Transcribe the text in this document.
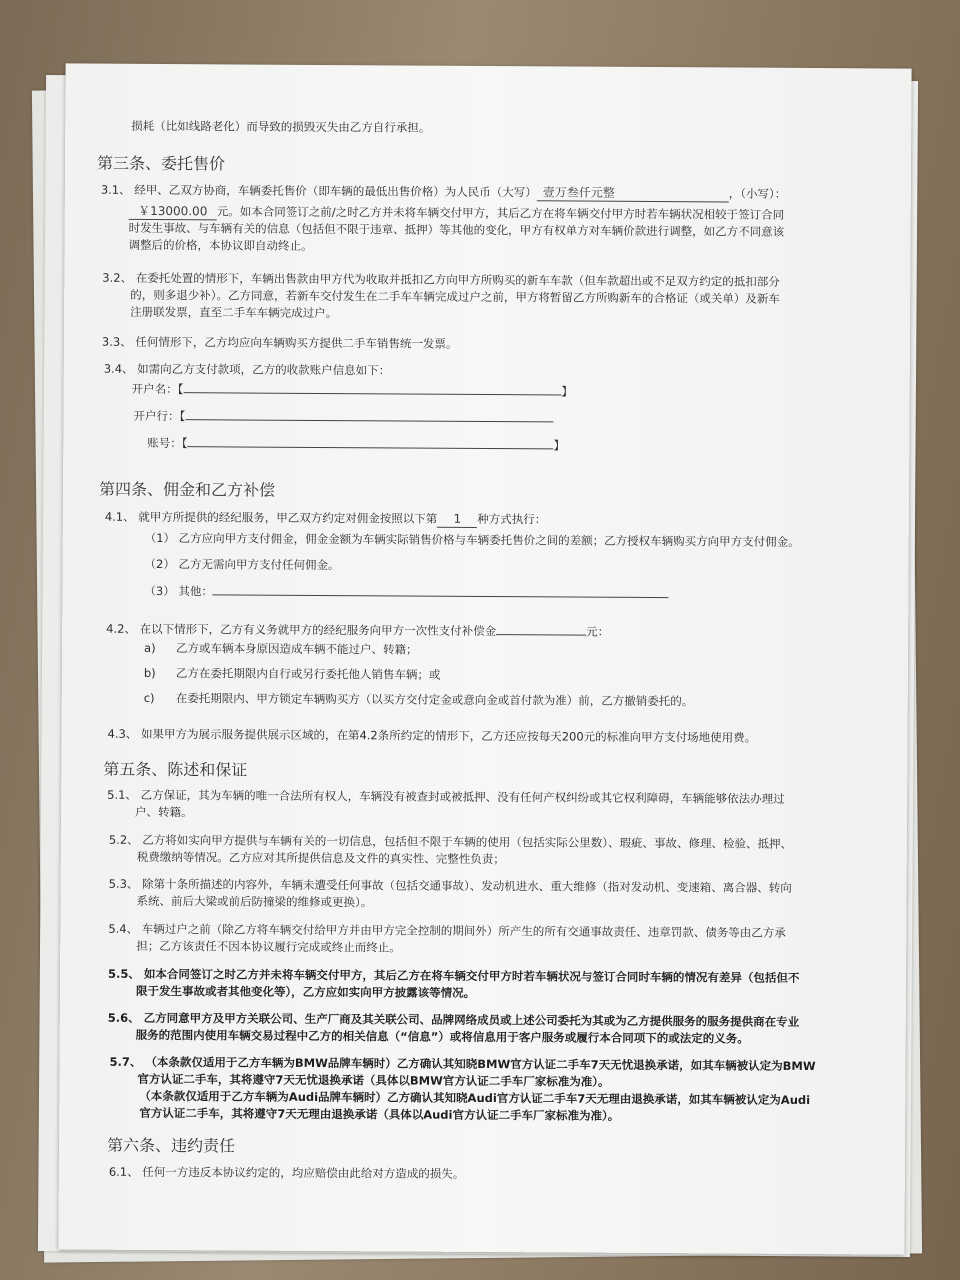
损耗（比如线路老化）而导致的损毁灭失由乙方自行承担。
第三条、委托售价
3.1、 经甲、乙双方协商，车辆委托售价（即车辆的最低出售价格）为人民币（大写） 壹万叁仟元整	，（小写）：
￥13000.00 元。如本合同签订之前/之时乙方并未将车辆交付甲方，其后乙方在将车辆交付甲方时若车辆状况相较于签订合同
时发生事故、与车辆有关的信息（包括但不限于违章、抵押）等其他的变化，甲方有权单方对车辆价款进行调整，如乙方不同意该
调整后的价格，本协议即自动终止。
3.2、 在委托处置的情形下，车辆出售款由甲方代为收取并抵扣乙方向甲方所购买的新车车款（但车款超出或不足双方约定的抵扣部分
的，则多退少补）。乙方同意，若新车交付发生在二手车车辆完成过户之前，甲方将暂留乙方所购新车的合格证（或关单）及新车
注册联发票，直至二手车车辆完成过户。
3.3、 任何情形下，乙方均应向车辆购买方提供二手车销售统一发票。
3.4、 如需向乙方支付款项，乙方的收款账户信息如下：
开户名：【	】
开户行：【
账号：【	】
第四条、佣金和乙方补偿
4.1、 就甲方所提供的经纪服务，甲乙双方约定对佣金按照以下第 1 种方式执行：
（1） 乙方应向甲方支付佣金，佣金金额为车辆实际销售价格与车辆委托售价之间的差额；乙方授权车辆购买方向甲方支付佣金。
（2） 乙方无需向甲方支付任何佣金。
（3） 其他：
4.2、 在以下情形下，乙方有义务就甲方的经纪服务向甲方一次性支付补偿金	元：
a) 乙方或车辆本身原因造成车辆不能过户、转籍；
b) 乙方在委托期限内自行或另行委托他人销售车辆；或
c) 在委托期限内、甲方锁定车辆购买方（以买方交付定金或意向金或首付款为准）前，乙方撤销委托的。
4.3、 如果甲方为展示服务提供展示区域的，在第4.2条所约定的情形下，乙方还应按每天200元的标准向甲方支付场地使用费。
第五条、陈述和保证
5.1、 乙方保证，其为车辆的唯一合法所有权人，车辆没有被查封或被抵押、没有任何产权纠纷或其它权利障碍，车辆能够依法办理过
户、转籍。
5.2、 乙方将如实向甲方提供与车辆有关的一切信息，包括但不限于车辆的使用（包括实际公里数）、瑕疵、事故、修理、检验、抵押、
税费缴纳等情况。乙方应对其所提供信息及文件的真实性、完整性负责；
5.3、 除第十条所描述的内容外，车辆未遭受任何事故（包括交通事故）、发动机进水、重大维修（指对发动机、变速箱、离合器、转向
系统、前后大梁或前后防撞梁的维修或更换）。
5.4、 车辆过户之前（除乙方将车辆交付给甲方并由甲方完全控制的期间外）所产生的所有交通事故责任、违章罚款、债务等由乙方承
担；乙方该责任不因本协议履行完成或终止而终止。
5.5、 如本合同签订之时乙方并未将车辆交付甲方，其后乙方在将车辆交付甲方时若车辆状况与签订合同时车辆的情况有差异（包括但不
限于发生事故或者其他变化等），乙方应如实向甲方披露该等情况。
5.6、 乙方同意甲方及甲方关联公司、生产厂商及其关联公司、品牌网络成员或上述公司委托为其或为乙方提供服务的服务提供商在专业
服务的范围内使用车辆交易过程中乙方的相关信息（“信息”）或将信息用于客户服务或履行本合同项下的或法定的义务。
5.7、 （本条款仅适用于乙方车辆为BMW品牌车辆时）乙方确认其知晓BMW官方认证二手车7天无忧退换承诺，如其车辆被认定为BMW
官方认证二手车，其将遵守7天无忧退换承诺（具体以BMW官方认证二手车厂家标准为准）。
（本条款仅适用于乙方车辆为Audi品牌车辆时）乙方确认其知晓Audi官方认证二手车7天无理由退换承诺，如其车辆被认定为Audi
官方认证二手车，其将遵守7天无理由退换承诺（具体以Audi官方认证二手车厂家标准为准）。
第六条、违约责任
6.1、 任何一方违反本协议约定的，均应赔偿由此给对方造成的损失。
